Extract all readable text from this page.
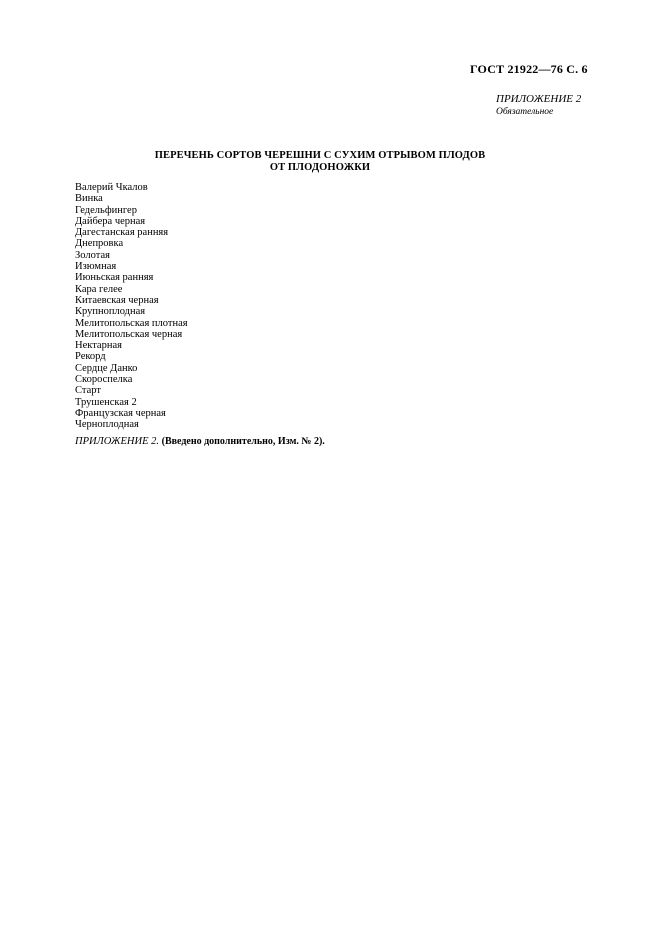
ГОСТ 21922—76 С. 6
ПРИЛОЖЕНИЕ 2
Обязательное
ПЕРЕЧЕНЬ СОРТОВ ЧЕРЕШНИ С СУХИМ ОТРЫВОМ ПЛОДОВ
ОТ ПЛОДОНОЖКИ
Валерий Чкалов
Винка
Гедельфингер
Дайбера черная
Дагестанская ранняя
Днепровка
Золотая
Изюмная
Июньская ранняя
Кара гелее
Китаевская черная
Крупноплодная
Мелитопольская плотная
Мелитопольская черная
Нектарная
Рекорд
Сердце Данко
Скороспелка
Старт
Трушенская 2
Французская черная
Черноплодная
ПРИЛОЖЕНИЕ 2. (Введено дополнительно, Изм. № 2).
